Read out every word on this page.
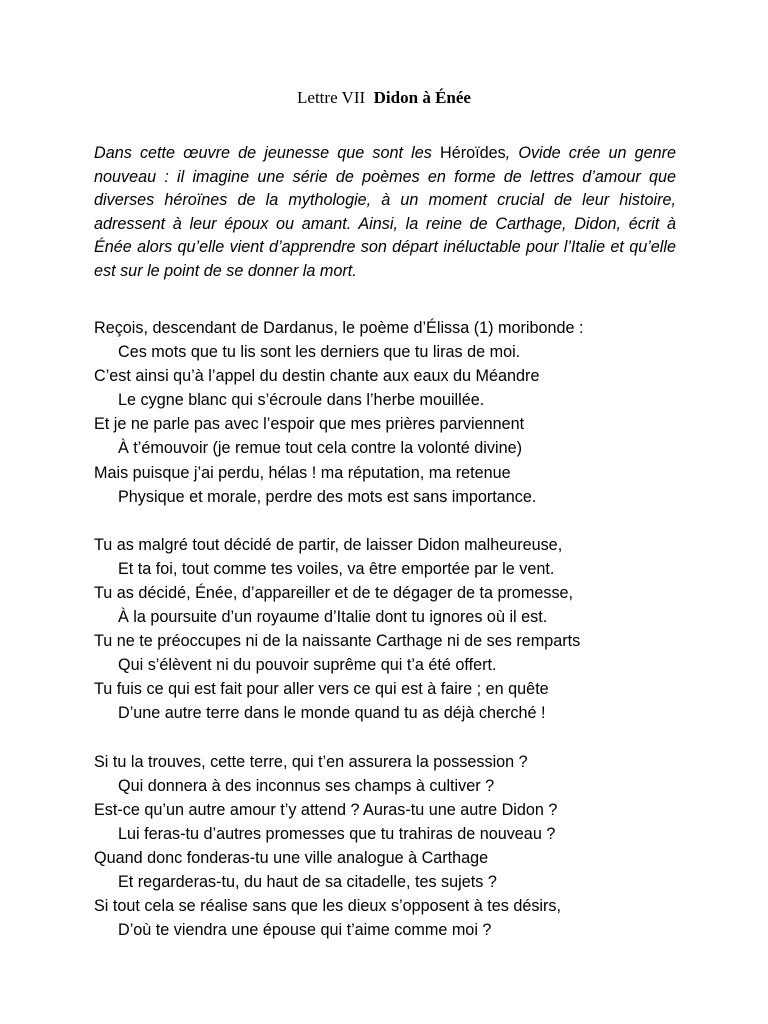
Lettre VII Didon à Énée

Dans cette œuvre de jeunesse que sont les Héroïdes, Ovide crée un genre nouveau : il imagine une série de poèmes en forme de lettres d’amour que diverses héroïnes de la mythologie, à un moment crucial de leur histoire, adressent à leur époux ou amant. Ainsi, la reine de Carthage, Didon, écrit à Énée alors qu’elle vient d’apprendre son départ inéluctable pour l’Italie et qu’elle est sur le point de se donner la mort.

Reçois, descendant de Dardanus, le poème d’Élissa (1) moribonde :
Ces mots que tu lis sont les derniers que tu liras de moi.
C’est ainsi qu’à l’appel du destin chante aux eaux du Méandre
Le cygne blanc qui s’écroule dans l’herbe mouillée.
Et je ne parle pas avec l’espoir que mes prières parviennent
À t’émouvoir (je remue tout cela contre la volonté divine)
Mais puisque j’ai perdu, hélas ! ma réputation, ma retenue
Physique et morale, perdre des mots est sans importance.
Tu as malgré tout décidé de partir, de laisser Didon malheureuse,
Et ta foi, tout comme tes voiles, va être emportée par le vent.
Tu as décidé, Énée, d’appareiller et de te dégager de ta promesse,
À la poursuite d’un royaume d’Italie dont tu ignores où il est.
Tu ne te préoccupes ni de la naissante Carthage ni de ses remparts
Qui s’élèvent ni du pouvoir suprême qui t’a été offert.
Tu fuis ce qui est fait pour aller vers ce qui est à faire ; en quête
D’une autre terre dans le monde quand tu as déjà cherché !
Si tu la trouves, cette terre, qui t’en assurera la possession ?
Qui donnera à des inconnus ses champs à cultiver ?
Est-ce qu’un autre amour t’y attend ? Auras-tu une autre Didon ?
Lui feras-tu d’autres promesses que tu trahiras de nouveau ?
Quand donc fonderas-tu une ville analogue à Carthage
Et regarderas-tu, du haut de sa citadelle, tes sujets ?
Si tout cela se réalise sans que les dieux s’opposent à tes désirs,
D’où te viendra une épouse qui t’aime comme moi ?
